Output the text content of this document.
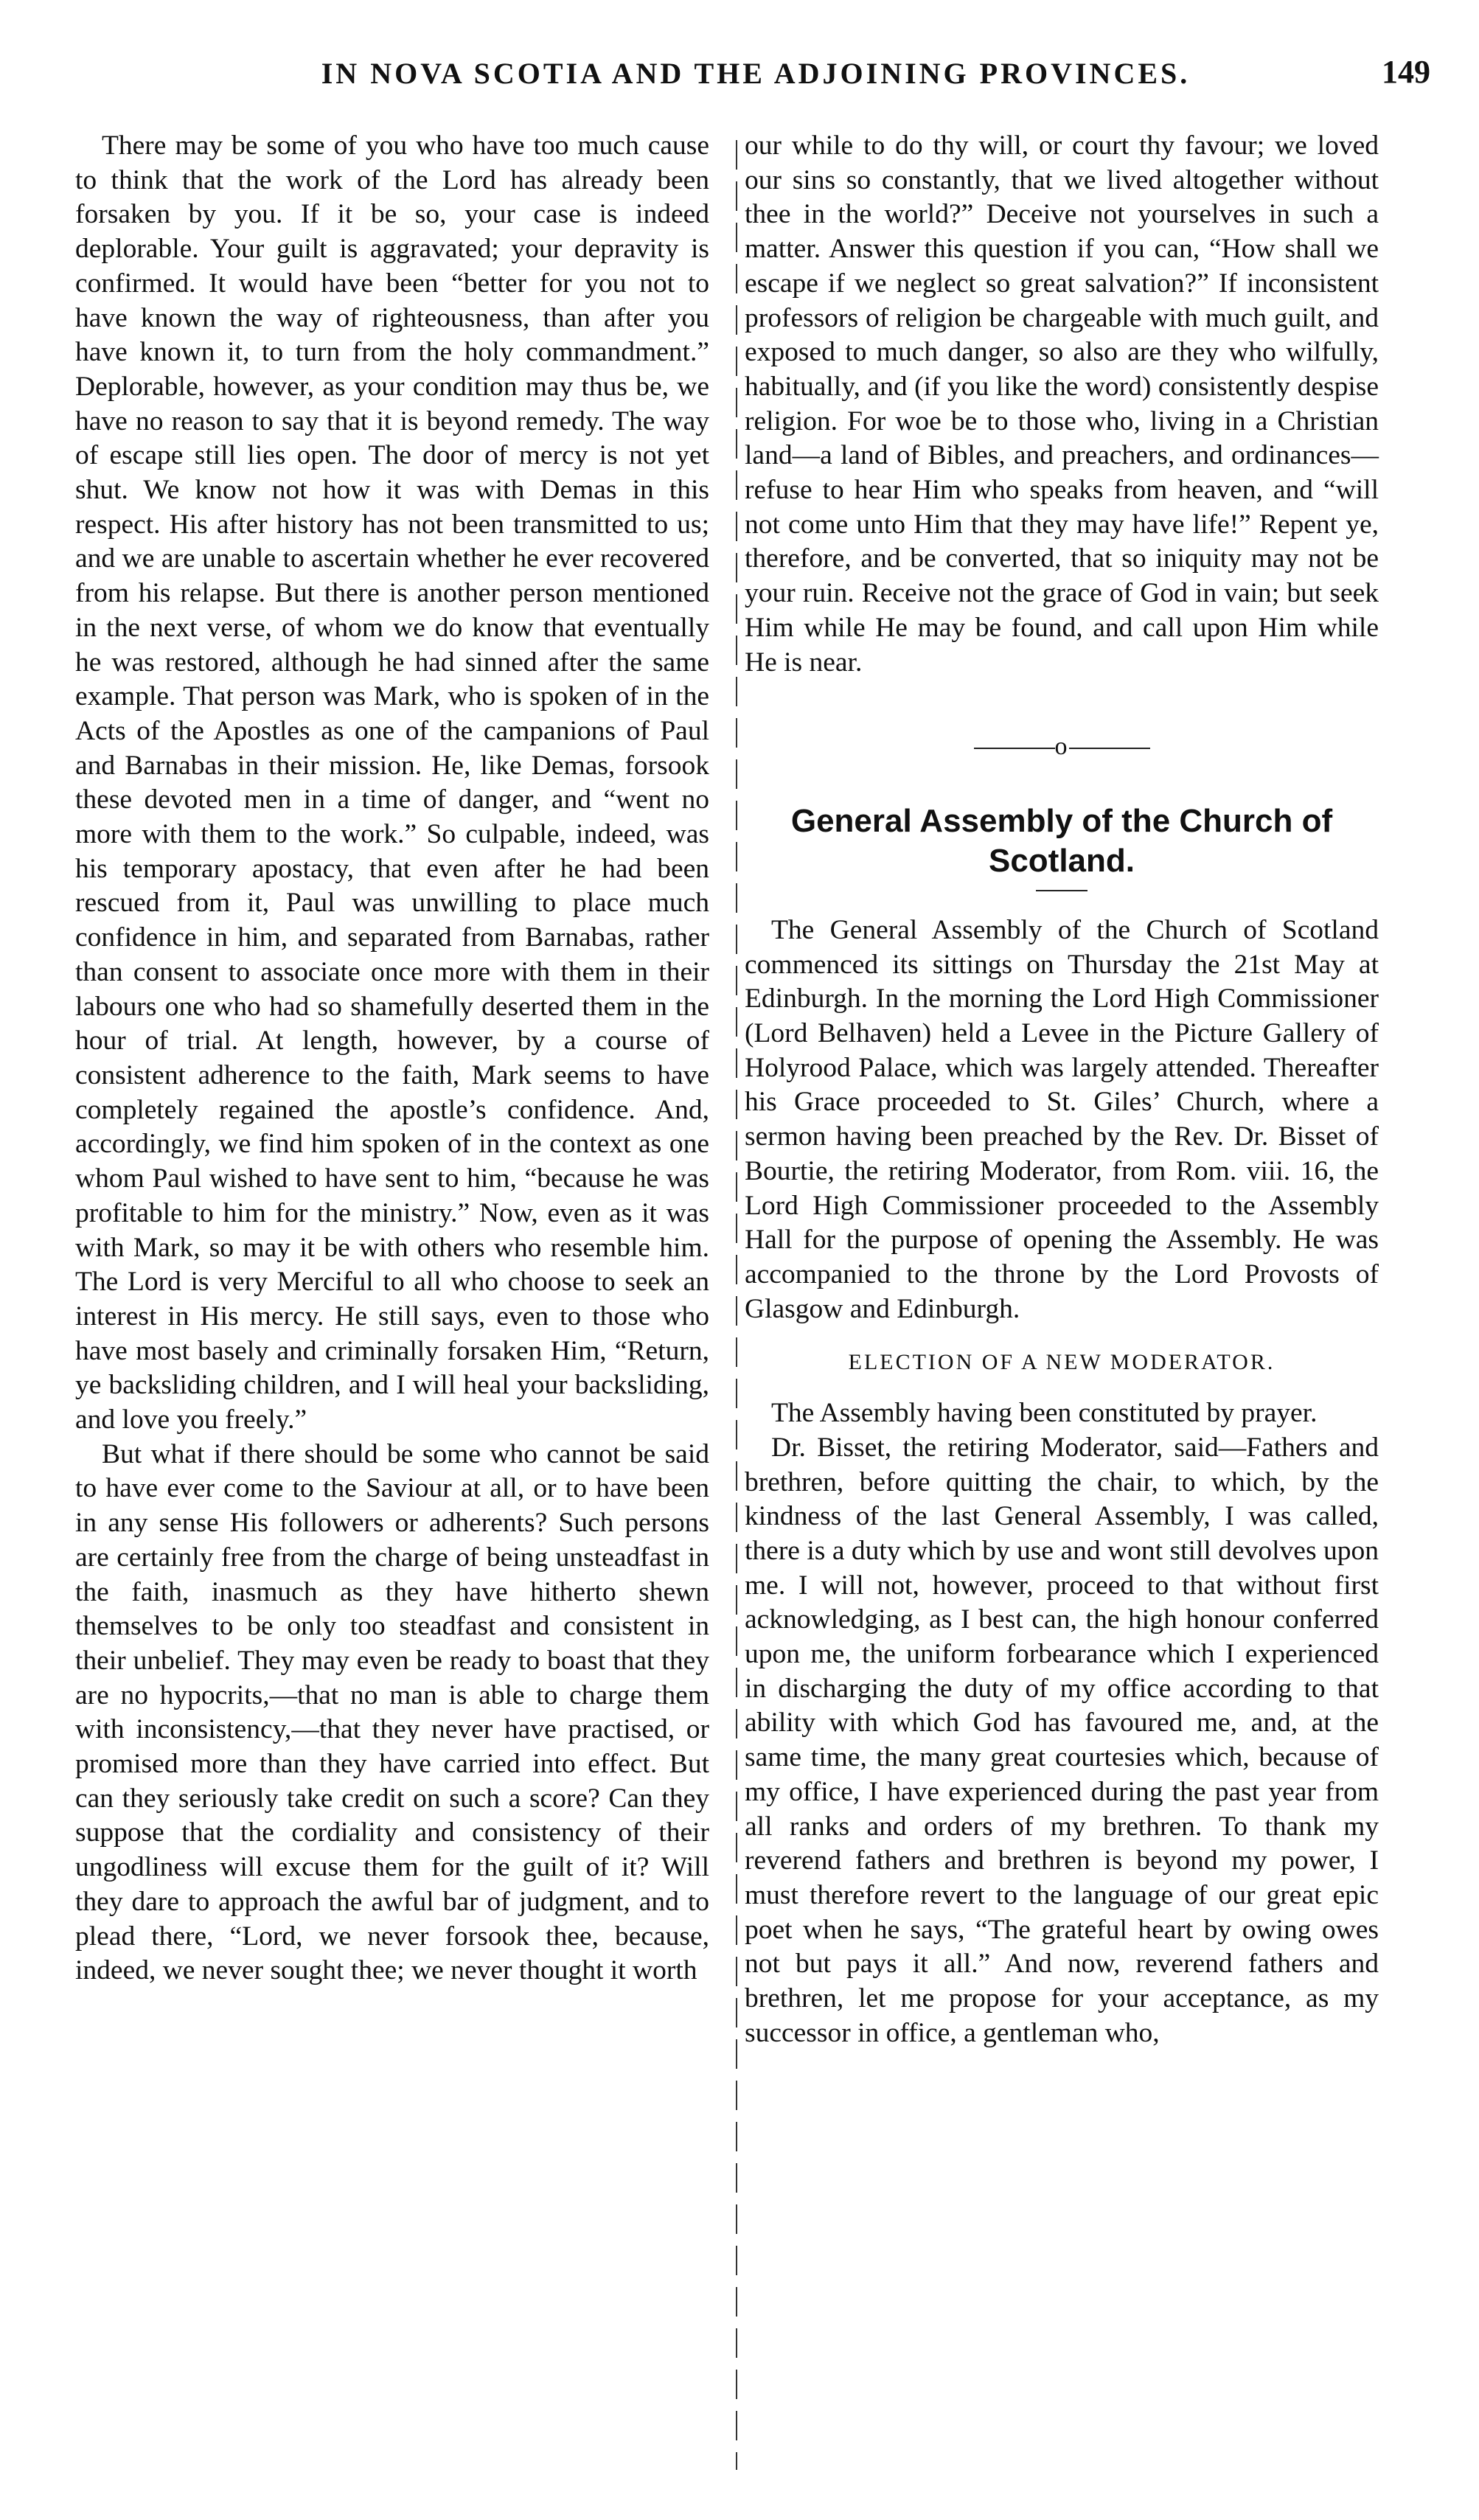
IN NOVA SCOTIA AND THE ADJOINING PROVINCES.	149

There may be some of you who have too much cause to think that the work of the Lord has already been forsaken by you. If it be so, your case is indeed deplorable. Your guilt is aggravated; your depravity is confirmed. It would have been “better for you not to have known the way of righteousness, than after you have known it, to turn from the holy commandment.” Deplorable, however, as your condition may thus be, we have no reason to say that it is beyond remedy. The way of escape still lies open. The door of mercy is not yet shut. We know not how it was with Demas in this respect. His after history has not been transmitted to us; and we are unable to ascertain whether he ever recovered from his relapse. But there is another person mentioned in the next verse, of whom we do know that eventually he was restored, although he had sinned after the same example. That person was Mark, who is spoken of in the Acts of the Apostles as one of the campanions of Paul and Barnabas in their mission. He, like Demas, forsook these devoted men in a time of danger, and “went no more with them to the work.” So culpable, indeed, was his temporary apostacy, that even after he had been rescued from it, Paul was unwilling to place much confidence in him, and separated from Barnabas, rather than consent to associate once more with them in their labours one who had so shamefully deserted them in the hour of trial. At length, however, by a course of consistent adherence to the faith, Mark seems to have completely regained the apostle’s confidence. And, accordingly, we find him spoken of in the context as one whom Paul wished to have sent to him, “because he was profitable to him for the ministry.” Now, even as it was with Mark, so may it be with others who resemble him. The Lord is very Merciful to all who choose to seek an interest in His mercy. He still says, even to those who have most basely and criminally forsaken Him, “Return, ye backsliding children, and I will heal your backsliding, and love you freely.”

But what if there should be some who cannot be said to have ever come to the Saviour at all, or to have been in any sense His followers or adherents? Such persons are certainly free from the charge of being unsteadfast in the faith, inasmuch as they have hitherto shewn themselves to be only too steadfast and consistent in their unbelief. They may even be ready to boast that they are no hypocrits,—that no man is able to charge them with inconsistency,—that they never have practised, or promised more than they have carried into effect. But can they seriously take credit on such a score? Can they suppose that the cordiality and consistency of their ungodliness will excuse them for the guilt of it? Will they dare to approach the awful bar of judgment, and to plead there, “Lord, we never forsook thee, because, indeed, we never sought thee; we never thought it worth

our while to do thy will, or court thy favour; we loved our sins so constantly, that we lived altogether without thee in the world?” Deceive not yourselves in such a matter. Answer this question if you can, “How shall we escape if we neglect so great salvation?” If inconsistent professors of religion be chargeable with much guilt, and exposed to much danger, so also are they who wilfully, habitually, and (if you like the word) consistently despise religion. For woe be to those who, living in a Christian land—a land of Bibles, and preachers, and ordinances—refuse to hear Him who speaks from heaven, and “will not come unto Him that they may have life!” Repent ye, therefore, and be converted, that so iniquity may not be your ruin. Receive not the grace of God in vain; but seek Him while He may be found, and call upon Him while He is near.

o
General Assembly of the Church of Scotland.

The General Assembly of the Church of Scotland commenced its sittings on Thursday the 21st May at Edinburgh. In the morning the Lord High Commissioner (Lord Belhaven) held a Levee in the Picture Gallery of Holyrood Palace, which was largely attended. Thereafter his Grace proceeded to St. Giles’ Church, where a sermon having been preached by the Rev. Dr. Bisset of Bourtie, the retiring Moderator, from Rom. viii. 16, the Lord High Commissioner proceeded to the Assembly Hall for the purpose of opening the Assembly. He was accompanied to the throne by the Lord Provosts of Glasgow and Edinburgh.

ELECTION OF A NEW MODERATOR.

The Assembly having been constituted by prayer.

Dr. Bisset, the retiring Moderator, said—Fathers and brethren, before quitting the chair, to which, by the kindness of the last General Assembly, I was called, there is a duty which by use and wont still devolves upon me. I will not, however, proceed to that without first acknowledging, as I best can, the high honour conferred upon me, the uniform forbearance which I experienced in discharging the duty of my office according to that ability with which God has favoured me, and, at the same time, the many great courtesies which, because of my office, I have experienced during the past year from all ranks and orders of my brethren. To thank my reverend fathers and brethren is beyond my power, I must therefore revert to the language of our great epic poet when he says, “The grateful heart by owing owes not but pays it all.” And now, reverend fathers and brethren, let me propose for your acceptance, as my successor in office, a gentleman who,
